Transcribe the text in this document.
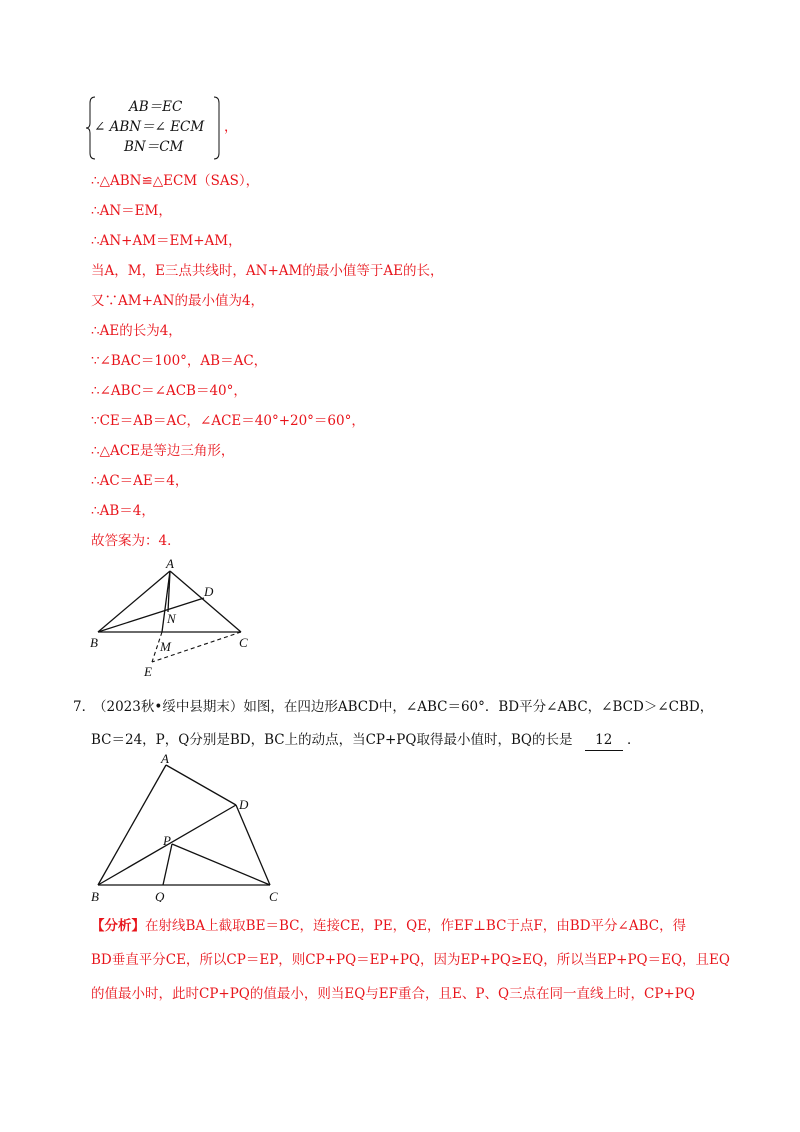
AB＝EC
∠ ABN＝∠ ECM
BN＝CM
，
∴△ABN≌△ECM（SAS），
∴AN＝EM，
∴AN+AM＝EM+AM，
当A，M，E三点共线时，AN+AM的最小值等于AE的长，
又∵AM+AN的最小值为4，
∴AE的长为4，
∵∠BAC＝100°，AB＝AC，
∴∠ABC＝∠ACB＝40°，
∵CE＝AB＝AC，∠ACE＝40°+20°＝60°，
∴△ACE是等边三角形，
∴AC＝AE＝4，
∴AB＝4，
故答案为：4．
A
D
N
B	M	C
E
7．
（2023秋•绥中县期末）如图，在四边形ABCD中，∠ABC＝60°．BD平分∠ABC，∠BCD＞∠CBD，
BC＝24，P，Q分别是BD，BC上的动点，当CP+PQ取得最小值时，BQ的长是 12 ．
A
D
P
B	Q	C
【分析】在射线BA上截取BE＝BC，连接CE，PE，QE，作EF⊥BC于点F，由BD平分∠ABC，得
BD垂直平分CE，所以CP＝EP，则CP+PQ＝EP+PQ，因为EP+PQ≥EQ，所以当EP+PQ＝EQ，且EQ
的值最小时，此时CP+PQ的值最小，则当EQ与EF重合，且E、P、Q三点在同一直线上时，CP+PQ
